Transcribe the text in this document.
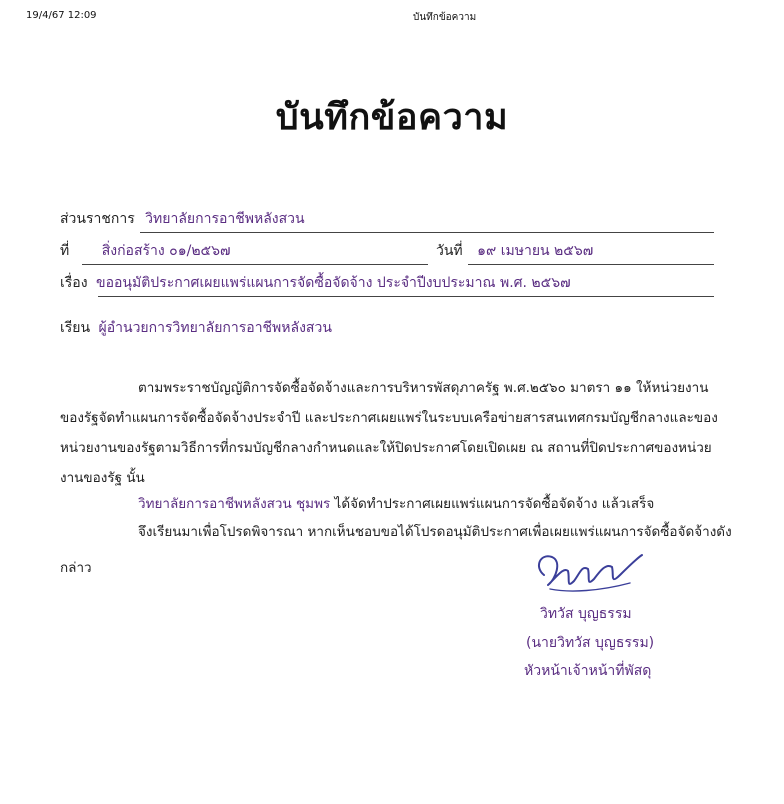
19/4/67 12:09	บันทึกข้อความ
บันทึกข้อความ
ส่วนราชการ วิทยาลัยการอาชีพหลังสวน
ที่ สิ่งก่อสร้าง ๐๑/๒๕๖๗	วันที่ ๑๙ เมษายน ๒๕๖๗
เรื่อง ขออนุมัติประกาศเผยแพร่แผนการจัดซื้อจัดจ้าง ประจำปีงบประมาณ พ.ศ. ๒๕๖๗
เรียน ผู้อำนวยการวิทยาลัยการอาชีพหลังสวน
ตามพระราชบัญญัติการจัดซื้อจัดจ้างและการบริหารพัสดุภาครัฐ พ.ศ.๒๕๖๐ มาตรา ๑๑ ให้หน่วยงาน
ของรัฐจัดทำแผนการจัดซื้อจัดจ้างประจำปี และประกาศเผยแพร่ในระบบเครือข่ายสารสนเทศกรมบัญชีกลางและของ
หน่วยงานของรัฐตามวิธีการที่กรมบัญชีกลางกำหนดและให้ปิดประกาศโดยเปิดเผย ณ สถานที่ปิดประกาศของหน่วย
งานของรัฐ นั้น
วิทยาลัยการอาชีพหลังสวน ชุมพร ได้จัดทำประกาศเผยแพร่แผนการจัดซื้อจัดจ้าง แล้วเสร็จ
จึงเรียนมาเพื่อโปรดพิจารณา หากเห็นชอบขอได้โปรดอนุมัติประกาศเพื่อเผยแพร่แผนการจัดซื้อจัดจ้างดัง
กล่าว
วิทวัส บุญธรรม
(นายวิทวัส บุญธรรม)
หัวหน้าเจ้าหน้าที่พัสดุ
